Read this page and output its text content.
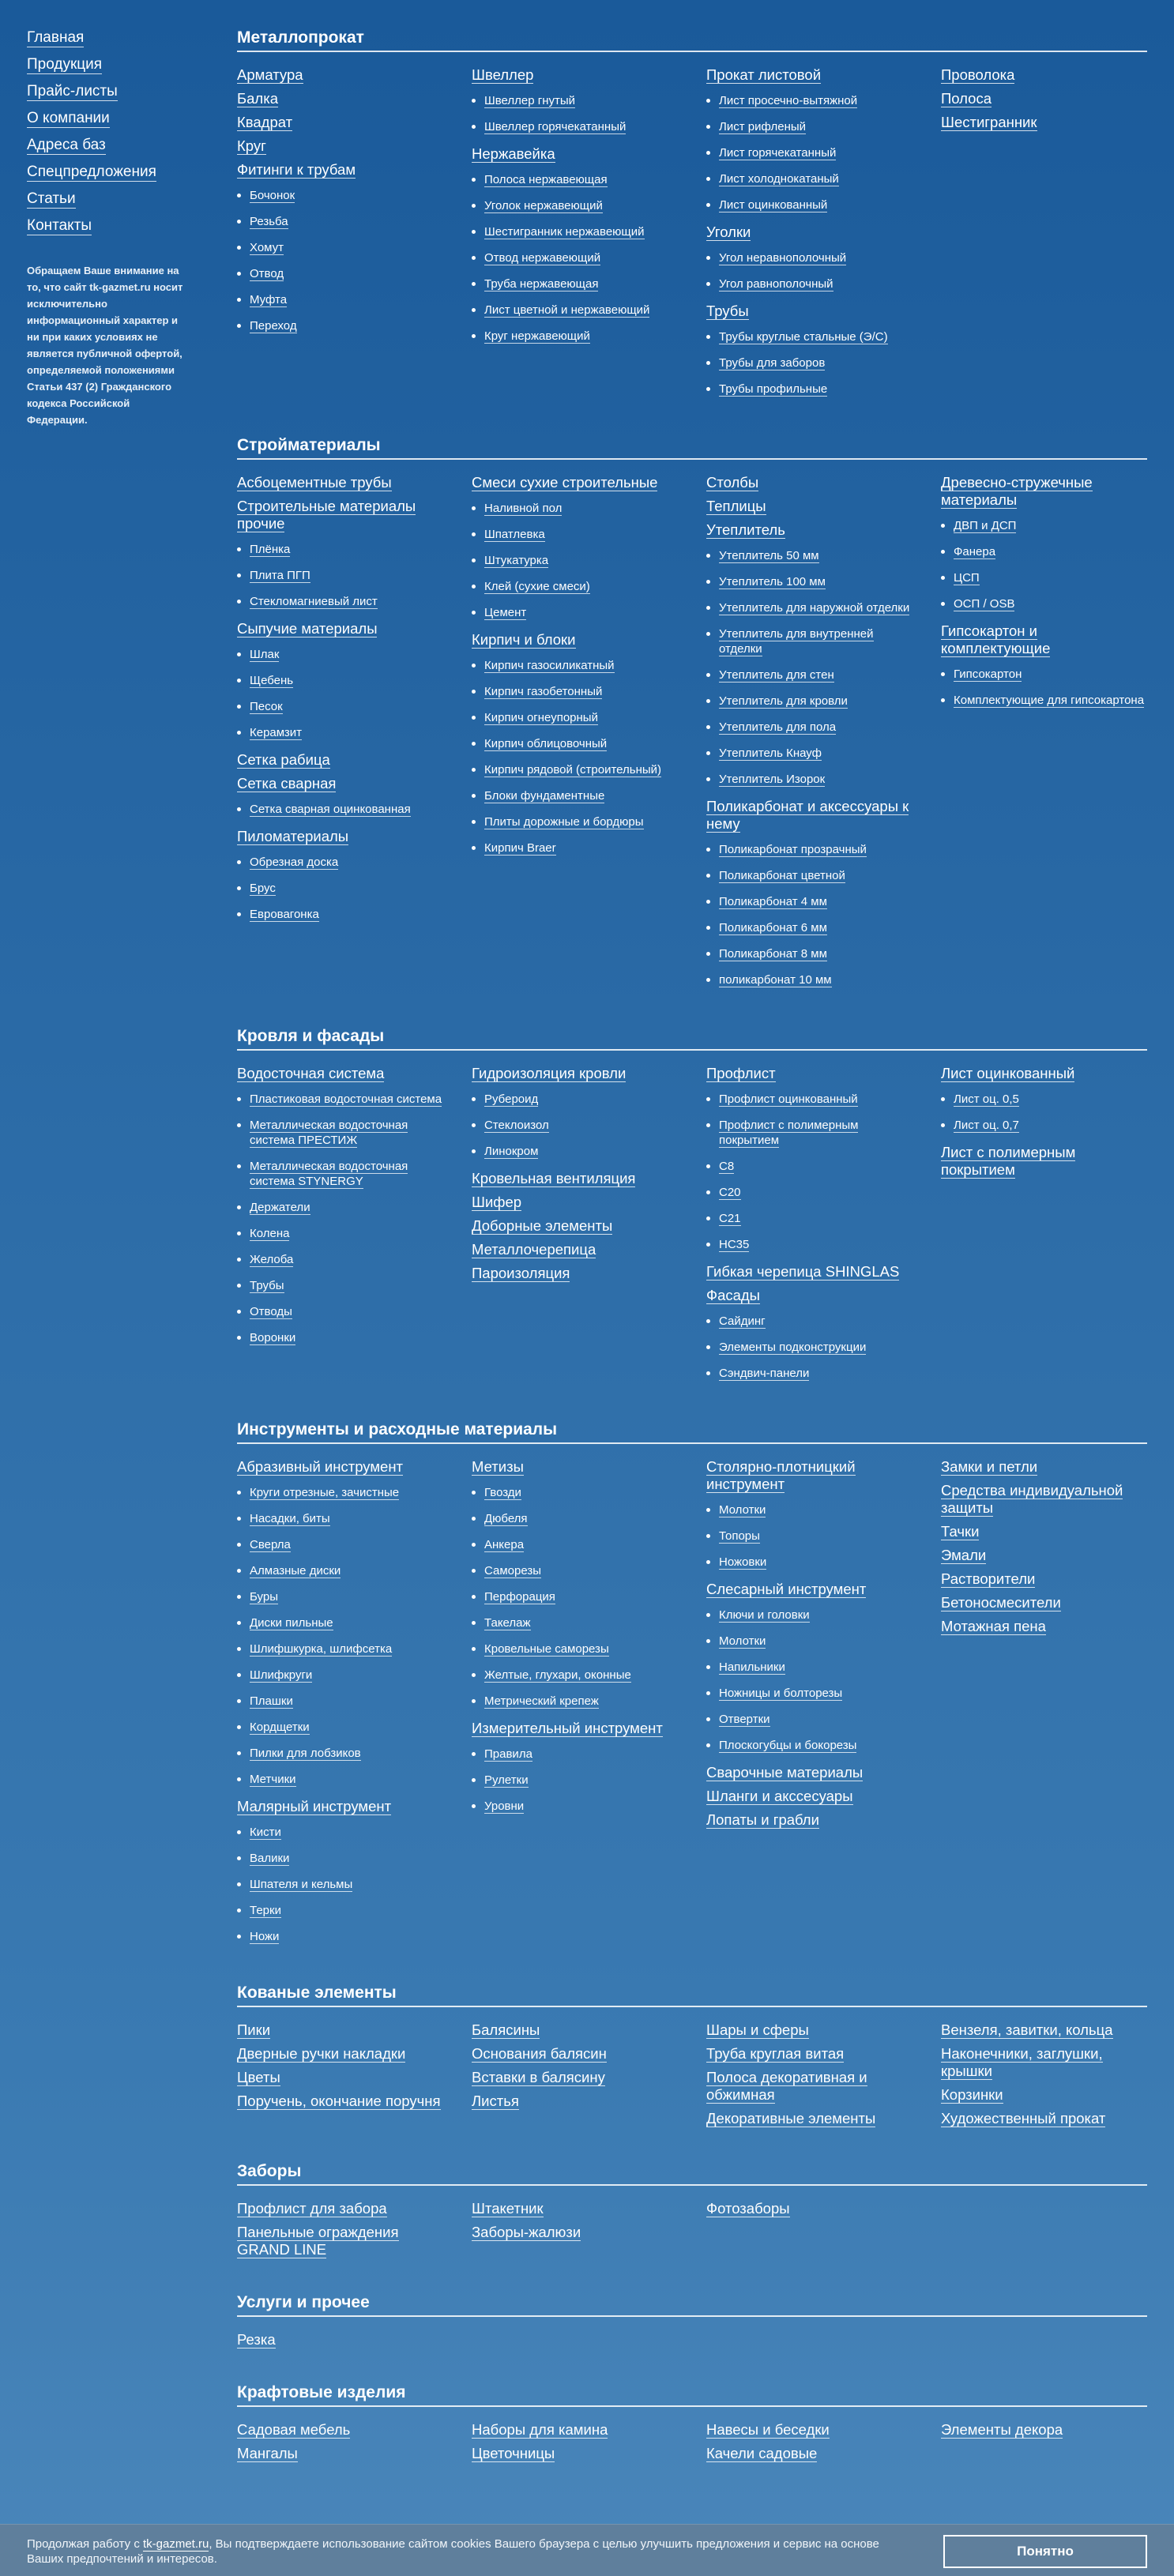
Главная
Продукция
Прайс-листы
О компании
Адреса баз
Спецпредложения
Статьи
Контакты

Обращаем Ваше внимание на то, что сайт tk-gazmet.ru носит исключительно информационный характер и ни при каких условиях не является публичной офертой, определяемой положениями Статьи 437 (2) Гражданского кодекса Российской Федерации.

Металлопрокат
Арматура
Балка
Квадрат
Круг
Фитинги к трубам
Бочонок
Резьба
Хомут
Отвод
Муфта
Переход
Швеллер
Швеллер гнутый
Швеллер горячекатанный
Нержавейка
Полоса нержавеющая
Уголок нержавеющий
Шестигранник нержавеющий
Отвод нержавеющий
Труба нержавеющая
Лист цветной и нержавеющий
Круг нержавеющий
Прокат листовой
Лист просечно-вытяжной
Лист рифленый
Лист горячекатанный
Лист холоднокатаный
Лист оцинкованный
Уголки
Угол неравнополочный
Угол равнополочный
Трубы
Трубы круглые стальные (Э/С)
Трубы для заборов
Трубы профильные
Проволока
Полоса
Шестигранник
Стройматериалы
Асбоцементные трубы
Строительные материалы прочие
Плёнка
Плита ПГП
Стекломагниевый лист
Сыпучие материалы
Шлак
Щебень
Песок
Керамзит
Сетка рабица
Сетка сварная
Сетка сварная оцинкованная
Пиломатериалы
Обрезная доска
Брус
Евровагонка
Смеси сухие строительные
Наливной пол
Шпатлевка
Штукатурка
Клей (сухие смеси)
Цемент
Кирпич и блоки
Кирпич газосиликатный
Кирпич газобетонный
Кирпич огнеупорный
Кирпич облицовочный
Кирпич рядовой (строительный)
Блоки фундаментные
Плиты дорожные и бордюры
Кирпич Braer
Столбы
Теплицы
Утеплитель
Утеплитель 50 мм
Утеплитель 100 мм
Утеплитель для наружной отделки
Утеплитель для внутренней отделки
Утеплитель для стен
Утеплитель для кровли
Утеплитель для пола
Утеплитель Кнауф
Утеплитель Изорок
Поликарбонат и аксессуары к нему
Поликарбонат прозрачный
Поликарбонат цветной
Поликарбонат 4 мм
Поликарбонат 6 мм
Поликарбонат 8 мм
поликарбонат 10 мм
Древесно-стружечные материалы
ДВП и ДСП
Фанера
ЦСП
ОСП / OSB
Гипсокартон и комплектующие
Гипсокартон
Комплектующие для гипсокартона
Кровля и фасады
Водосточная система
Пластиковая водосточная система
Металлическая водосточная система ПРЕСТИЖ
Металлическая водосточная система STYNERGY
Держатели
Колена
Желоба
Трубы
Отводы
Воронки
Гидроизоляция кровли
Рубероид
Стеклоизол
Линокром
Кровельная вентиляция
Шифер
Доборные элементы
Металлочерепица
Пароизоляция
Профлист
Профлист оцинкованный
Профлист с полимерным покрытием
С8
С20
С21
НС35
Гибкая черепица SHINGLAS
Фасады
Сайдинг
Элементы подконструкции
Сэндвич-панели
Лист оцинкованный
Лист оц. 0,5
Лист оц. 0,7
Лист с полимерным покрытием
Инструменты и расходные материалы
Абразивный инструмент
Круги отрезные, зачистные
Насадки, биты
Сверла
Алмазные диски
Буры
Диски пильные
Шлифшкурка, шлифсетка
Шлифкруги
Плашки
Кордщетки
Пилки для лобзиков
Метчики
Малярный инструмент
Кисти
Валики
Шпателя и кельмы
Терки
Ножи
Метизы
Гвозди
Дюбеля
Анкера
Саморезы
Перфорация
Такелаж
Кровельные саморезы
Желтые, глухари, оконные
Метрический крепеж
Измерительный инструмент
Правила
Рулетки
Уровни
Столярно-плотницкий инструмент
Молотки
Топоры
Ножовки
Слесарный инструмент
Ключи и головки
Молотки
Напильники
Ножницы и болторезы
Отвертки
Плоскогубцы и бокорезы
Сварочные материалы
Шланги и акссесуары
Лопаты и грабли
Замки и петли
Средства индивидуальной защиты
Тачки
Эмали
Растворители
Бетоносмесители
Мотажная пена
Кованые элементы
Пики
Дверные ручки накладки
Цветы
Поручень, окончание поручня
Балясины
Основания балясин
Вставки в балясину
Листья
Шары и сферы
Труба круглая витая
Полоса декоративная и обжимная
Декоративные элементы
Вензеля, завитки, кольца
Наконечники, заглушки, крышки
Корзинки
Художественный прокат
Заборы
Профлист для забора
Панельные ограждения GRAND LINE
Штакетник
Заборы-жалюзи
Фотозаборы
Услуги и прочее
Резка
Крафтовые изделия
Садовая мебель
Мангалы
Наборы для камина
Цветочницы
Навесы и беседки
Качели садовые
Элементы декора

Продолжая работу с tk-gazmet.ru, Вы подтверждаете использование сайтом cookies Вашего браузера с целью улучшить предложения и сервис на основе Ваших предпочтений и интересов.

Понятно
